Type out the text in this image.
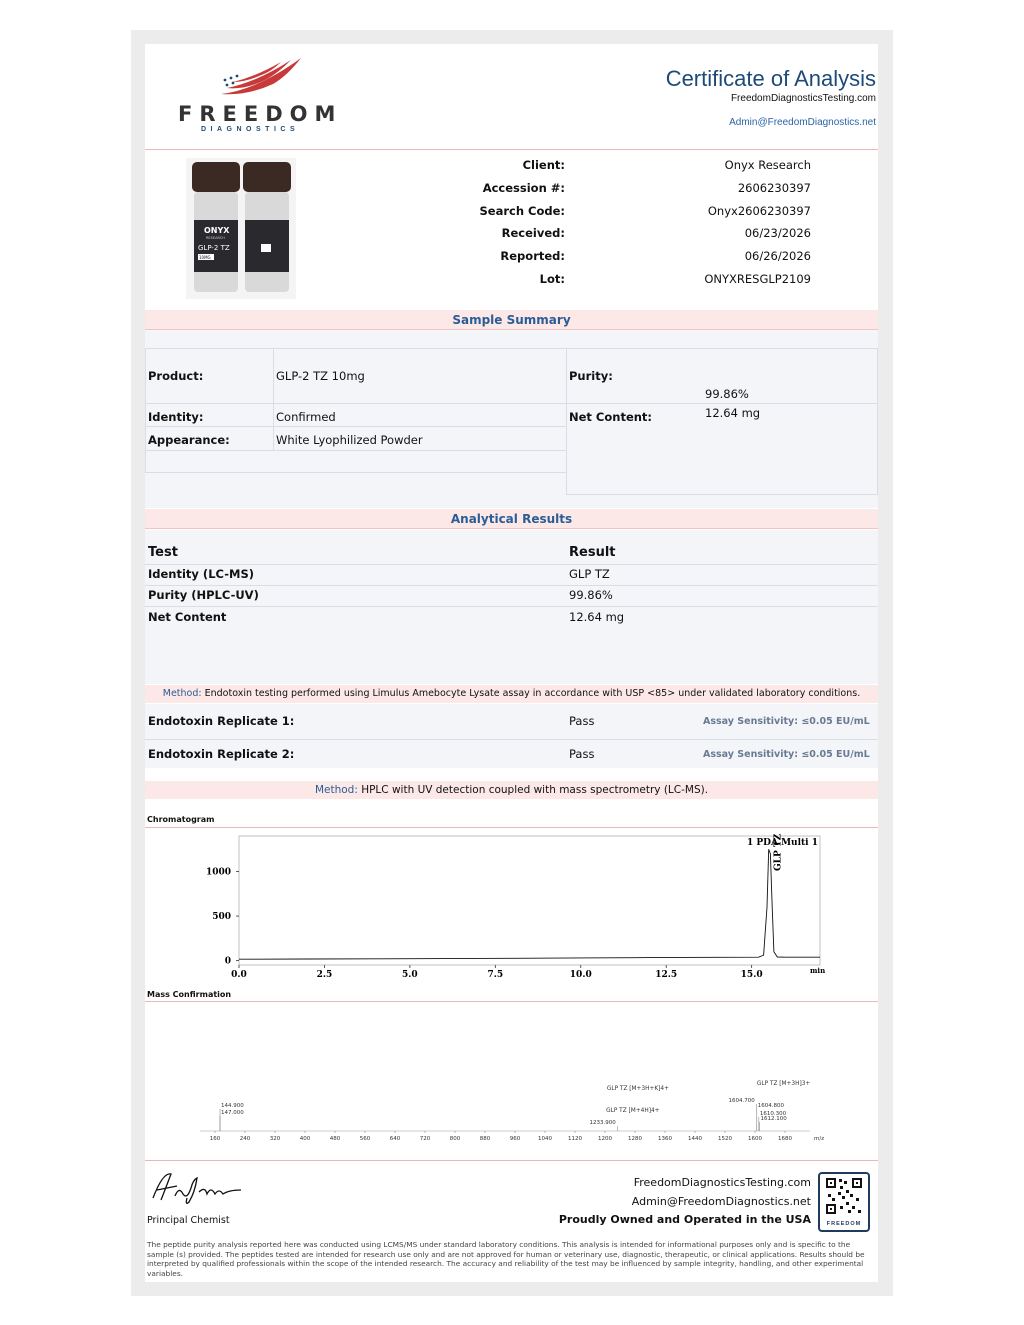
FREEDOM
DIAGNOSTICS
Certificate of Analysis
FreedomDiagnosticsTesting.com
Admin@FreedomDiagnostics.net
ONYX
RESEARCH
GLP-2 TZ
10MG
Client:	Onyx Research
Accession #:	2606230397
Search Code:	Onyx2606230397
Received:	06/23/2026
Reported:	06/26/2026
Lot:	ONYXRESGLP2109
Sample Summary
Product:	GLP-2 TZ 10mg	Purity:
99.86%
Identity:	Confirmed	Net Content:	12.64 mg
Appearance:	White Lyophilized Powder
Analytical Results
Test	Result
Identity (LC-MS)	GLP TZ
Purity (HPLC-UV)	99.86%
Net Content	12.64 mg
Method: Endotoxin testing performed using Limulus Amebocyte Lysate assay in accordance with USP <85> under validated laboratory conditions.
Endotoxin Replicate 1:	Pass	Assay Sensitivity: ≤0.05 EU/mL
Endotoxin Replicate 2:	Pass	Assay Sensitivity: ≤0.05 EU/mL
Method: HPLC with UV detection coupled with mass spectrometry (LC-MS).
Chromatogram
0.0	2.5	5.0	7.5	10.0	12.5	15.0
0
500
1000
min
1 PDA Multi 1
GLP TZ
Mass Confirmation
160	240	320	400	480	560	640	720	800	880	960	1040	1120	1200	1280	1360	1440	1520	1600	1680	m/z
144.900
147.000
1233.900
1604.700
1604.800
1610.300
1612.100
GLP TZ [M+3H+K]4+
GLP TZ [M+4H]4+
GLP TZ [M+3H]3+
Principal Chemist
FreedomDiagnosticsTesting.com
Admin@FreedomDiagnostics.net
Proudly Owned and Operated in the USA	FREEDOM
The peptide purity analysis reported here was conducted using LCMS/MS under standard laboratory conditions. This analysis is intended for informational purposes only and is specific to the sample (s) provided. The peptides tested are intended for research use only and are not approved for human or veterinary use, diagnostic, therapeutic, or clinical applications. Results should be interpreted by qualified professionals within the scope of the intended research. The accuracy and reliability of the test may be influenced by sample integrity, handling, and other experimental variables.
